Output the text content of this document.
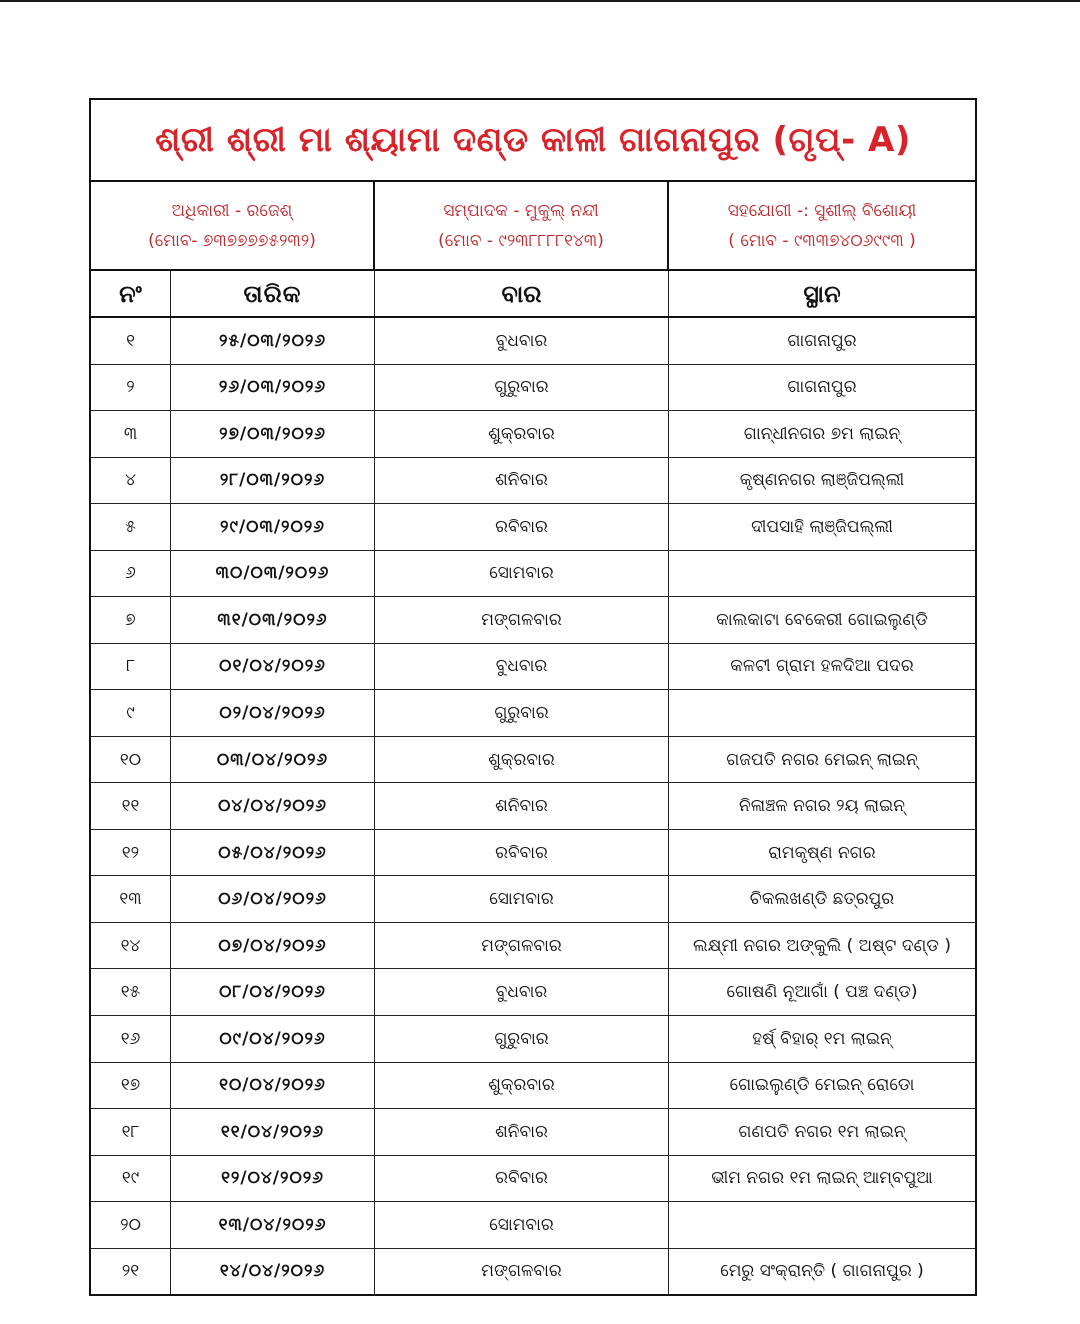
ଶ୍ରୀ ଶ୍ରୀ ମା ଶ୍ୟାମା ଦଣ୍ଡ କାଳୀ ଗାଗନାପୁର (ଗୃପ୍- A)
ଅଧିକାରୀ - ରଜେଶ୍
(ମୋବ- ୭୩୭୭୭୭୫୨୩୨)
ସମ୍ପାଦକ - ମୁକୁଲ୍ ନନ୍ଦୀ
(ମୋବ - ୯୨୩୮୮୮୮୧୪୩)
ସହଯୋଗୀ -: ସୁଶୀଲ୍ ବିଶୋୟୀ
( ମୋବ - ୯୩୩୭୪୦୬୯୯୩ )
ନଂ	ତାରିକ	ବାର	ସ୍ଥାନ
୧	୨୫/୦୩/୨୦୨୬	ବୁଧବାର	ଗାଗନାପୁର
୨	୨୬/୦୩/୨୦୨୬	ଗୁରୁବାର	ଗାଗନାପୁର
୩	୨୭/୦୩/୨୦୨୬	ଶୁକ୍ରବାର	ଗାନ୍ଧୀନଗର ୭ମ ଲାଇନ୍
୪	୨୮/୦୩/୨୦୨୬	ଶନିବାର	କୃଷ୍ଣନଗର ଲାଞ୍ଜିପଲ୍ଲୀ
୫	୨୯/୦୩/୨୦୨୬	ରବିବାର	ଦୀପସାହି ଲାଞ୍ଜିପଲ୍ଲୀ
୬	୩୦/୦୩/୨୦୨୬	ସୋମବାର
୭	୩୧/୦୩/୨୦୨୬	ମଙ୍ଗଳବାର	କାଲକାଟା ବେକେରୀ ଗୋଇଲୁଣ୍ଡି
୮	୦୧/୦୪/୨୦୨୬	ବୁଧବାର	କଳଟୀ ଗ୍ରାମ ହଳଦିଆ ପଦର
୯	୦୨/୦୪/୨୦୨୬	ଗୁରୁବାର
୧୦	୦୩/୦୪/୨୦୨୬	ଶୁକ୍ରବାର	ଗଜପତି ନଗର ମେଇନ୍ ଲାଇନ୍
୧୧	୦୪/୦୪/୨୦୨୬	ଶନିବାର	ନିଳାଞ୍ଚଳ ନଗର ୨ୟ ଲାଇନ୍
୧୨	୦୫/୦୪/୨୦୨୬	ରବିବାର	ରାମକୃଷ୍ଣ ନଗର
୧୩	୦୬/୦୪/୨୦୨୬	ସୋମବାର	ଚିକଲଖଣ୍ଡି ଛତ୍ରପୁର
୧୪	୦୭/୦୪/୨୦୨୬	ମଙ୍ଗଳବାର	ଲକ୍ଷ୍ମୀ ନଗର ଅଙ୍କୁଲି ( ଅଷ୍ଟ ଦଣ୍ଡ )
୧୫	୦୮/୦୪/୨୦୨୬	ବୁଧବାର	ଗୋଷଣି ନୂଆଗାଁ ( ପଞ୍ଚ ଦଣ୍ଡ)
୧୬	୦୯/୦୪/୨୦୨୬	ଗୁରୁବାର	ହର୍ଷ୍ ବିହାର୍ ୧ମ ଲାଇନ୍
୧୭	୧୦/୦୪/୨୦୨୬	ଶୁକ୍ରବାର	ଗୋଇଲୁଣ୍ଡି ମେଇନ୍ ରୋଡୋ
୧୮	୧୧/୦୪/୨୦୨୬	ଶନିବାର	ଗଣପତି ନଗର ୧ମ ଲାଇନ୍
୧୯	୧୨/୦୪/୨୦୨୬	ରବିବାର	ଭୀମ ନଗର ୧ମ ଲାଇନ୍ ଆମ୍ବପୁଆ
୨୦	୧୩/୦୪/୨୦୨୬	ସୋମବାର
୨୧	୧୪/୦୪/୨୦୨୬	ମଙ୍ଗଳବାର	ମେରୁ ସଂକ୍ରାନ୍ତି ( ଗାଗନାପୁର )
